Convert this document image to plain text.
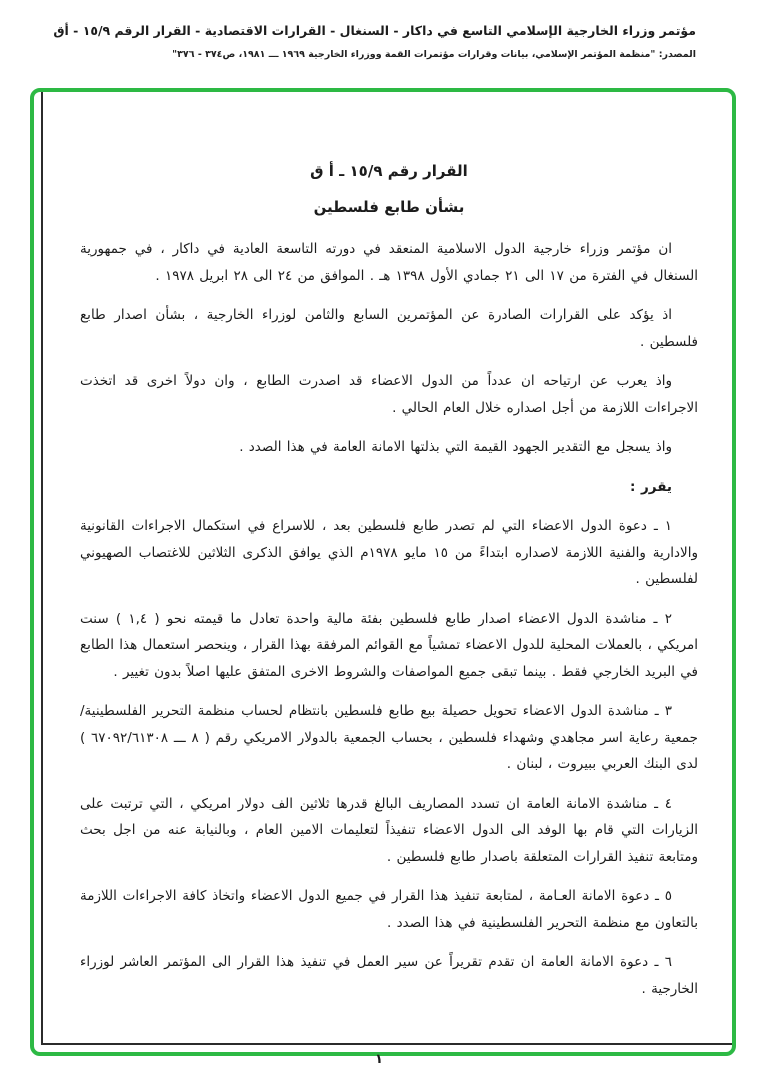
مؤتمر وزراء الخارجية الإسلامي التاسع في داكار - السنغال - القرارات الاقتصادية - القرار الرقم ١٥/٩ - أق
المصدر: "منظمة المؤتمر الإسلامي، بيانات وقرارات مؤتمرات القمة ووزراء الخارجية ١٩٦٩ ـــ ١٩٨١، ص٣٧٤ - ٣٧٦"
القرار رقم ١٥/٩ ـ أ ق
بشأن طابع فلسطين

ان مؤتمر وزراء خارجية الدول الاسلامية المنعقد في دورته التاسعة العادية في داكار ، في جمهورية السنغال في الفترة من ١٧ الى ٢١ جمادي الأول ١٣٩٨ هـ . الموافق من ٢٤ الى ٢٨ ابريل ١٩٧٨ .

اذ يؤكد على القرارات الصادرة عن المؤتمرين السابع والثامن لوزراء الخارجية ، بشأن اصدار طابع فلسطين .

واذ يعرب عن ارتياحه ان عدداً من الدول الاعضاء قد اصدرت الطابع ، وان دولاً اخرى قد اتخذت الاجراءات اللازمة من أجل اصداره خلال العام الحالي .

واذ يسجل مع التقدير الجهود القيمة التي بذلتها الامانة العامة في هذا الصدد .

يقرر :

١ ـ دعوة الدول الاعضاء التي لم تصدر طابع فلسطين بعد ، للاسراع في استكمال الاجراءات القانونية والادارية والفنية اللازمة لاصداره ابتداءً من ١٥ مايو ١٩٧٨م الذي يوافق الذكرى الثلاثين للاغتصاب الصهيوني لفلسطين .

٢ ـ مناشدة الدول الاعضاء اصدار طابع فلسطين بفئة مالية واحدة تعادل ما قيمته نحو ( ١,٤ ) سنت امريكي ، بالعملات المحلية للدول الاعضاء تمشياً مع القوائم المرفقة بهذا القرار ، وينحصر استعمال هذا الطابع في البريد الخارجي فقط . بينما تبقى جميع المواصفات والشروط الاخرى المتفق عليها اصلاً بدون تغيير .

٣ ـ مناشدة الدول الاعضاء تحويل حصيلة بيع طابع فلسطين بانتظام لحساب منظمة التحرير الفلسطينية/ جمعية رعاية اسر مجاهدي وشهداء فلسطين ، بحساب الجمعية بالدولار الامريكي رقم ( ٨ ـــ ٦٧٠٩٢/٦١٣٠٨ ) لدى البنك العربي ببيروت ، لبنان .

٤ ـ مناشدة الامانة العامة ان تسدد المصاريف البالغ قدرها ثلاثين الف دولار امريكي ، التي ترتبت على الزيارات التي قام بها الوفد الى الدول الاعضاء تنفيذاً لتعليمات الامين العام ، وبالنيابة عنه من اجل بحث ومتابعة تنفيذ القرارات المتعلقة باصدار طابع فلسطين .

٥ ـ دعوة الامانة العـامة ، لمتابعة تنفيذ هذا القرار في جميع الدول الاعضاء واتخاذ كافة الاجراءات اللازمة بالتعاون مع منظمة التحرير الفلسطينية في هذا الصدد .

٦ ـ دعوة الامانة العامة ان تقدم تقريراً عن سير العمل في تنفيذ هذا القرار الى المؤتمر العاشر لوزراء الخارجية .

١
